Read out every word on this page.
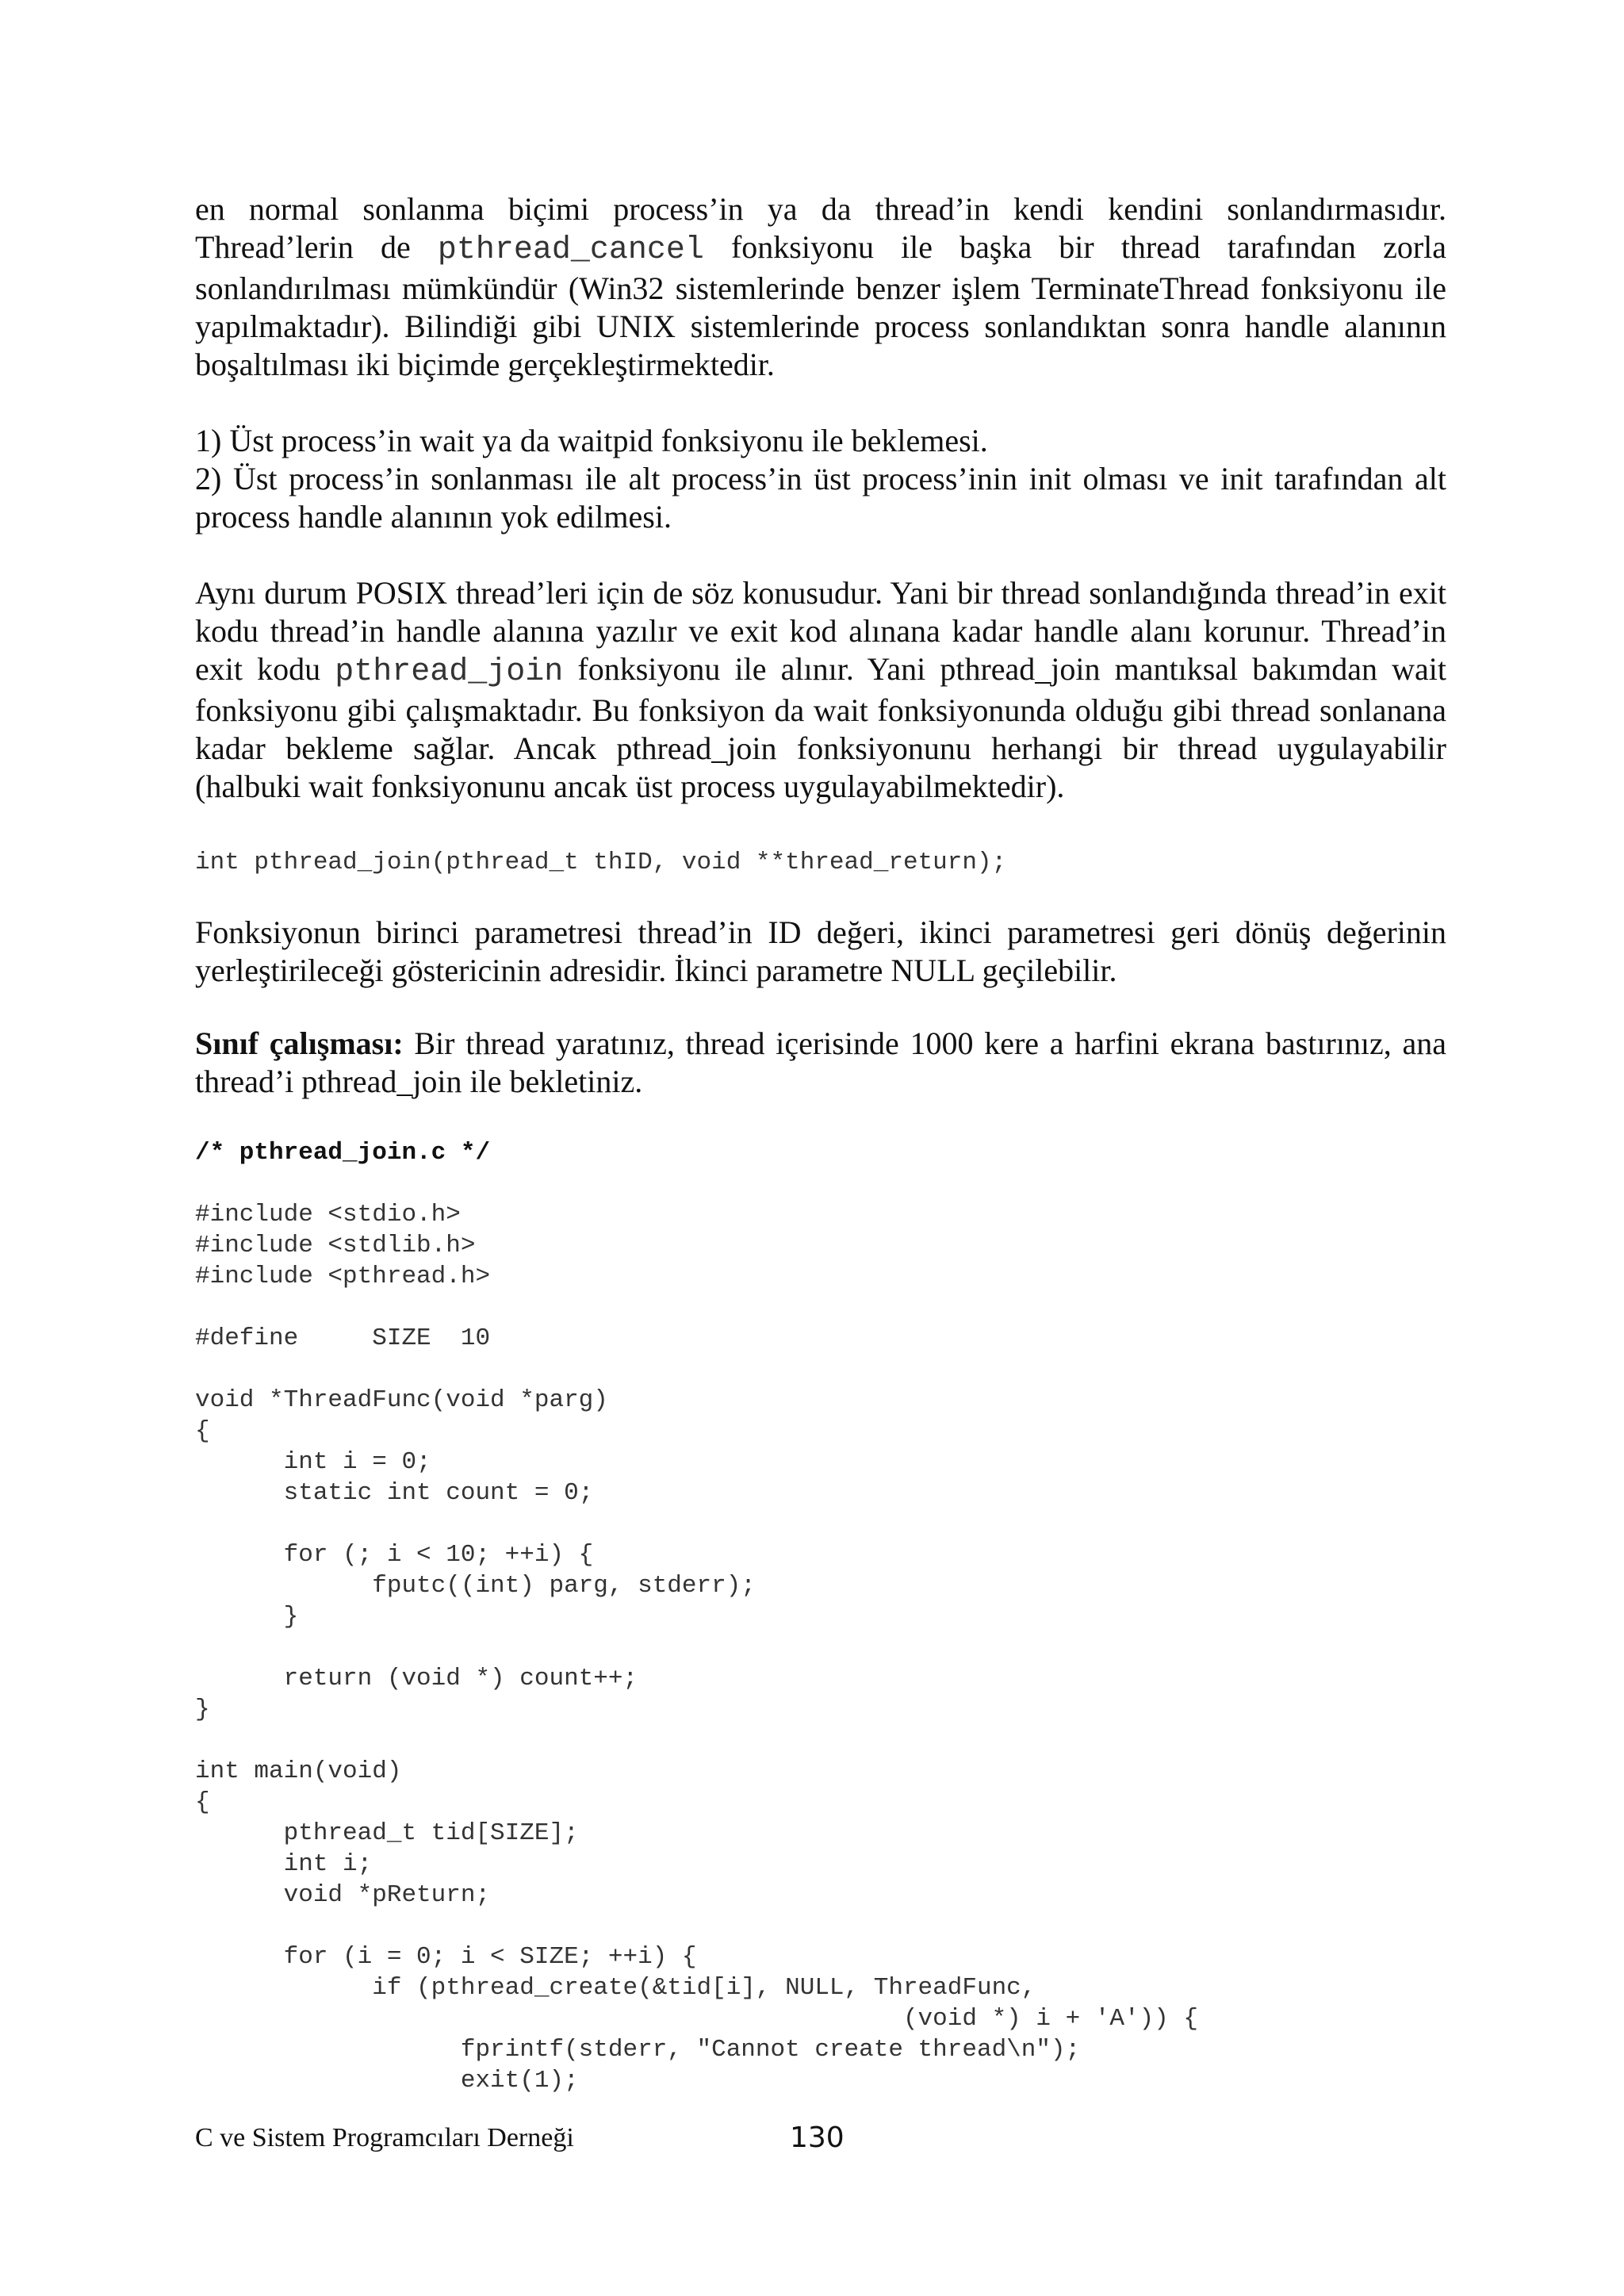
en normal sonlanma biçimi process’in ya da thread’in kendi kendini sonlandırmasıdır. Thread’lerin de pthread_cancel fonksiyonu ile başka bir thread tarafından zorla sonlandırılması mümkündür (Win32 sistemlerinde benzer işlem TerminateThread fonksiyonu ile yapılmaktadır). Bilindiği gibi UNIX sistemlerinde process sonlandıktan sonra handle alanının boşaltılması iki biçimde gerçekleştirmektedir.

1) Üst process’in wait ya da waitpid fonksiyonu ile beklemesi.
2) Üst process’in sonlanması ile alt process’in üst process’inin init olması ve init tarafından alt process handle alanının yok edilmesi.

Aynı durum POSIX thread’leri için de söz konusudur. Yani bir thread sonlandığında thread’in exit kodu thread’in handle alanına yazılır ve exit kod alınana kadar handle alanı korunur. Thread’in exit kodu pthread_join fonksiyonu ile alınır. Yani pthread_join mantıksal bakımdan wait fonksiyonu gibi çalışmaktadır. Bu fonksiyon da wait fonksiyonunda olduğu gibi thread sonlanana kadar bekleme sağlar. Ancak pthread_join fonksiyonunu herhangi bir thread uygulayabilir (halbuki wait fonksiyonunu ancak üst process uygulayabilmektedir).

int pthread_join(pthread_t thID, void **thread_return);

Fonksiyonun birinci parametresi thread’in ID değeri, ikinci parametresi geri dönüş değerinin yerleştirileceği göstericinin adresidir. İkinci parametre NULL geçilebilir.

Sınıf çalışması: Bir thread yaratınız, thread içerisinde 1000 kere a harfini ekrana bastırınız, ana thread’i pthread_join ile bekletiniz.

/* pthread_join.c */
#include <stdio.h>
#include <stdlib.h>
#include <pthread.h>

#define     SIZE  10

void *ThreadFunc(void *parg)
{
int i = 0;
static int count = 0;

for (; i < 10; ++i) {
fputc((int) parg, stderr);
}

return (void *) count++;
}

int main(void)
{
pthread_t tid[SIZE];
int i;
void *pReturn;

for (i = 0; i < SIZE; ++i) {
if (pthread_create(&tid[i], NULL, ThreadFunc,
(void *) i + 'A')) {
fprintf(stderr, "Cannot create thread\n");
exit(1);
C ve Sistem Programcıları Derneği	130
